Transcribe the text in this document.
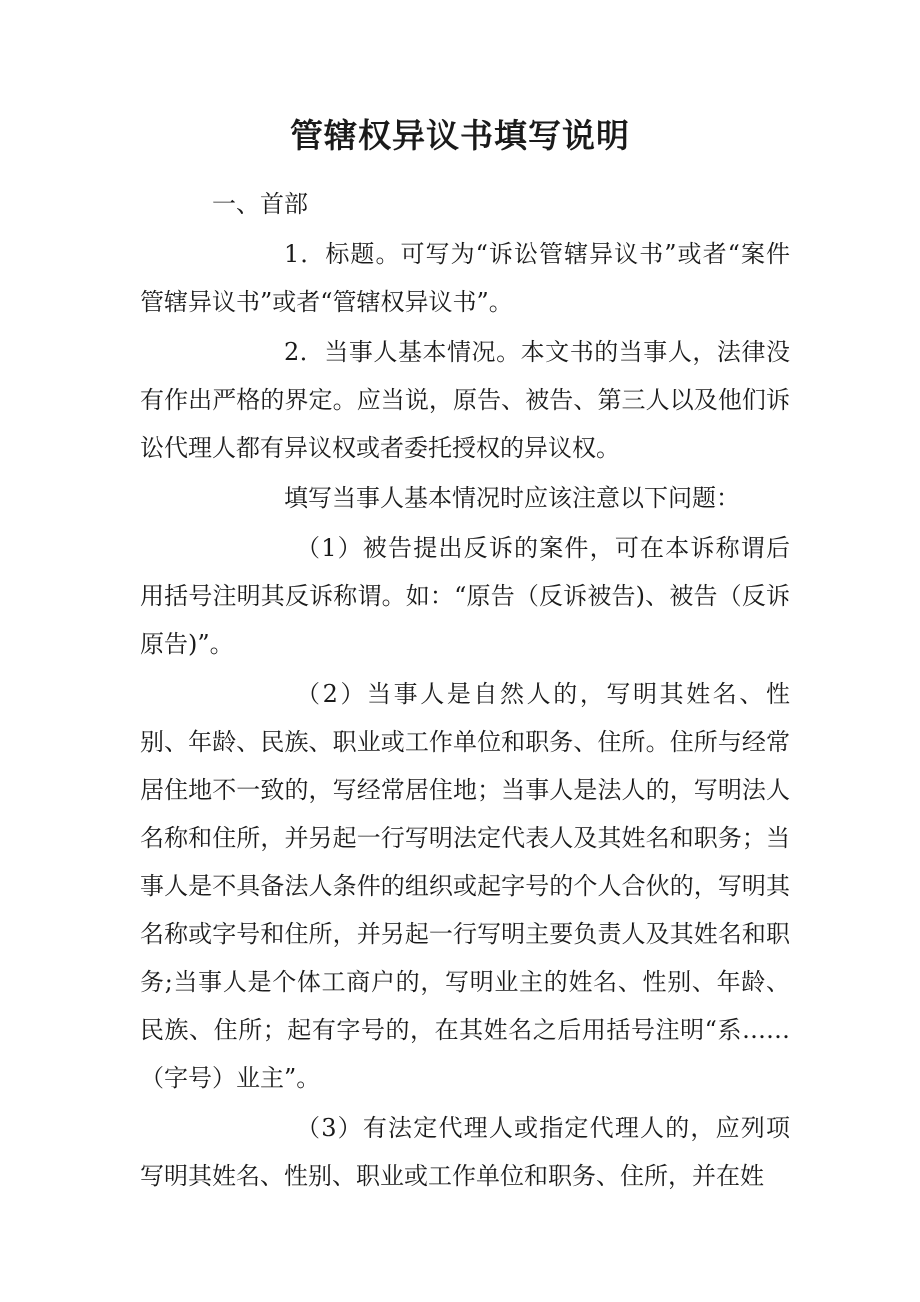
管辖权异议书填写说明

一、首部

1．标题。可写为“诉讼管辖异议书”或者“案件管辖异议书”或者“管辖权异议书”。

2．当事人基本情况。本文书的当事人，法律没有作出严格的界定。应当说，原告、被告、第三人以及他们诉讼代理人都有异议权或者委托授权的异议权。

填写当事人基本情况时应该注意以下问题：

（1）被告提出反诉的案件，可在本诉称谓后用括号注明其反诉称谓。如：“原告（反诉被告)、被告（反诉原告)”。

（2）当事人是自然人的，写明其姓名、性别、年龄、民族、职业或工作单位和职务、住所。住所与经常居住地不一致的，写经常居住地；当事人是法人的，写明法人名称和住所，并另起一行写明法定代表人及其姓名和职务；当事人是不具备法人条件的组织或起字号的个人合伙的，写明其名称或字号和住所，并另起一行写明主要负责人及其姓名和职务;当事人是个体工商户的，写明业主的姓名、性别、年龄、民族、住所；起有字号的，在其姓名之后用括号注明“系……（字号）业主”。

（3）有法定代理人或指定代理人的，应列项写明其姓名、性别、职业或工作单位和职务、住所，并在姓
